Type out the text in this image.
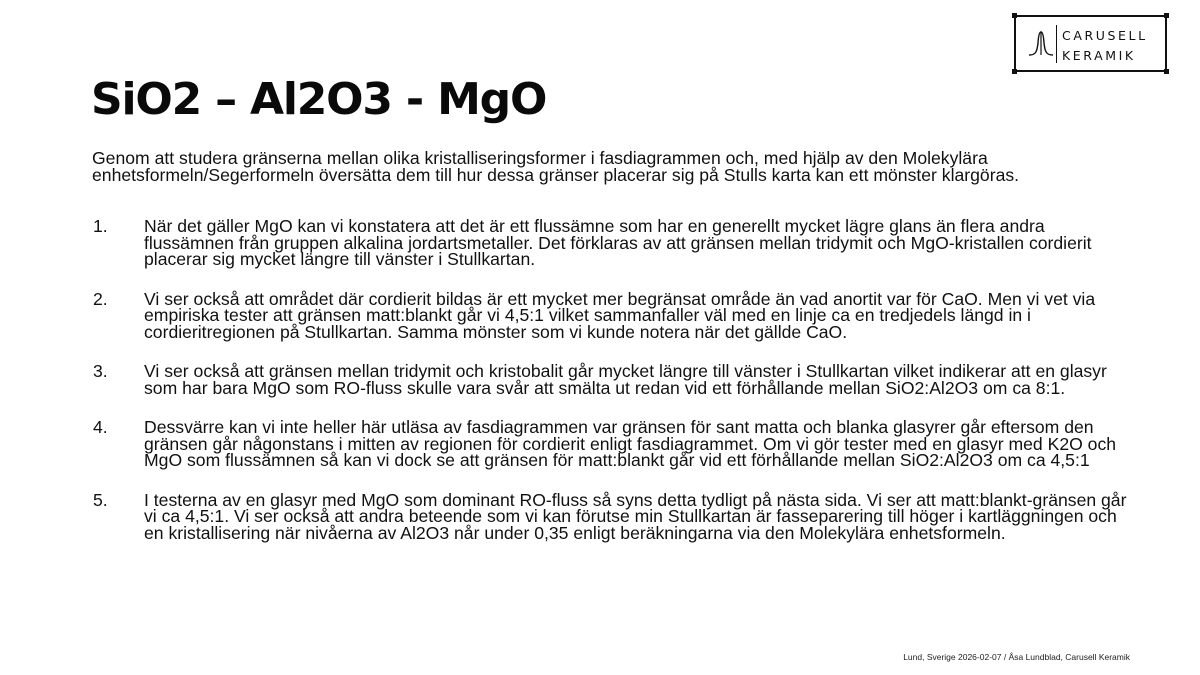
CARUSELL
KERAMIK
SiO2 – Al2O3 - MgO

Genom att studera gränserna mellan olika kristalliseringsformer i fasdiagrammen och, med hjälp av den Molekylära enhetsformeln/Segerformeln översätta dem till hur dessa gränser placerar sig på Stulls karta kan ett mönster klargöras.

1. När det gäller MgO kan vi konstatera att det är ett flussämne som har en generellt mycket lägre glans än flera andra flussämnen från gruppen alkalina jordartsmetaller. Det förklaras av att gränsen mellan tridymit och MgO-kristallen cordierit placerar sig mycket längre till vänster i Stullkartan.
2. Vi ser också att området där cordierit bildas är ett mycket mer begränsat område än vad anortit var för CaO. Men vi vet via empiriska tester att gränsen matt:blankt går vi 4,5:1 vilket sammanfaller väl med en linje ca en tredjedels längd in i cordieritregionen på Stullkartan. Samma mönster som vi kunde notera när det gällde CaO.
3. Vi ser också att gränsen mellan tridymit och kristobalit går mycket längre till vänster i Stullkartan vilket indikerar att en glasyr som har bara MgO som RO-fluss skulle vara svår att smälta ut redan vid ett förhållande mellan SiO2:Al2O3 om ca 8:1.
4. Dessvärre kan vi inte heller här utläsa av fasdiagrammen var gränsen för sant matta och blanka glasyrer går eftersom den gränsen går någonstans i mitten av regionen för cordierit enligt fasdiagrammet. Om vi gör tester med en glasyr med K2O och MgO som flussämnen så kan vi dock se att gränsen för matt:blankt går vid ett förhållande mellan SiO2:Al2O3 om ca 4,5:1
5. I testerna av en glasyr med MgO som dominant RO-fluss så syns detta tydligt på nästa sida. Vi ser att matt:blankt-gränsen går vi ca 4,5:1. Vi ser också att andra beteende som vi kan förutse min Stullkartan är fasseparering till höger i kartläggningen och en kristallisering när nivåerna av Al2O3 når under 0,35 enligt beräkningarna via den Molekylära enhetsformeln.
Lund, Sverige 2026-02-07 / Åsa Lundblad, Carusell Keramik
